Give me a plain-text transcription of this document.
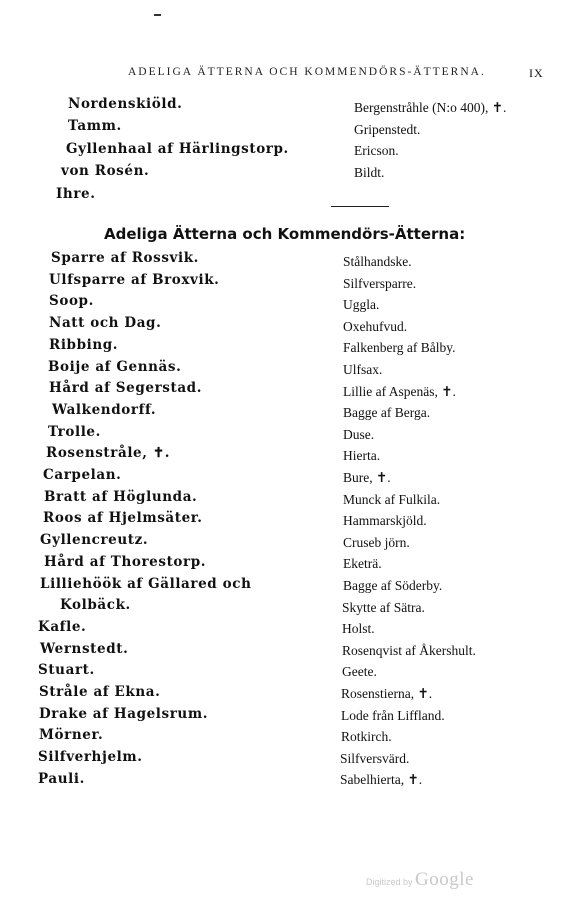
ADELIGA ÄTTERNA OCH KOMMENDÖRS-ÄTTERNA.	IX
Nordenskiöld.
Tamm.
Gyllenhaal af Härlingstorp.
von Rosén.
Ihre.
Bergenstråhle (N:o 400), ✝.
Gripenstedt.
Ericson.
Bildt.
Adeliga Ätterna och Kommendörs-Ätterna:
Sparre af Rossvik.
Ulfsparre af Broxvik.
Soop.
Natt och Dag.
Ribbing.
Boije af Gennäs.
Hård af Segerstad.
Walkendorff.
Trolle.
Rosenstråle, ✝.
Carpelan.
Bratt af Höglunda.
Roos af Hjelmsäter.
Gyllencreutz.
Hård af Thorestorp.
Lilliehöök af Gällared och
Kolbäck.
Kafle.
Wernstedt.
Stuart.
Stråle af Ekna.
Drake af Hagelsrum.
Mörner.
Silfverhjelm.
Pauli.
Stålhandske.
Silfversparre.
Uggla.
Oxehufvud.
Falkenberg af Bålby.
Ulfsax.
Lillie af Aspenäs, ✝.
Bagge af Berga.
Duse.
Hierta.
Bure, ✝.
Munck af Fulkila.
Hammarskjöld.
Cruseb jörn.
Eketrä.
Bagge af Söderby.
Skytte af Sätra.
Holst.
Rosenqvist af Åkershult.
Geete.
Rosenstierna, ✝.
Lode från Liffland.
Rotkirch.
Silfversvärd.
Sabelhierta, ✝.
Digitized by Google
